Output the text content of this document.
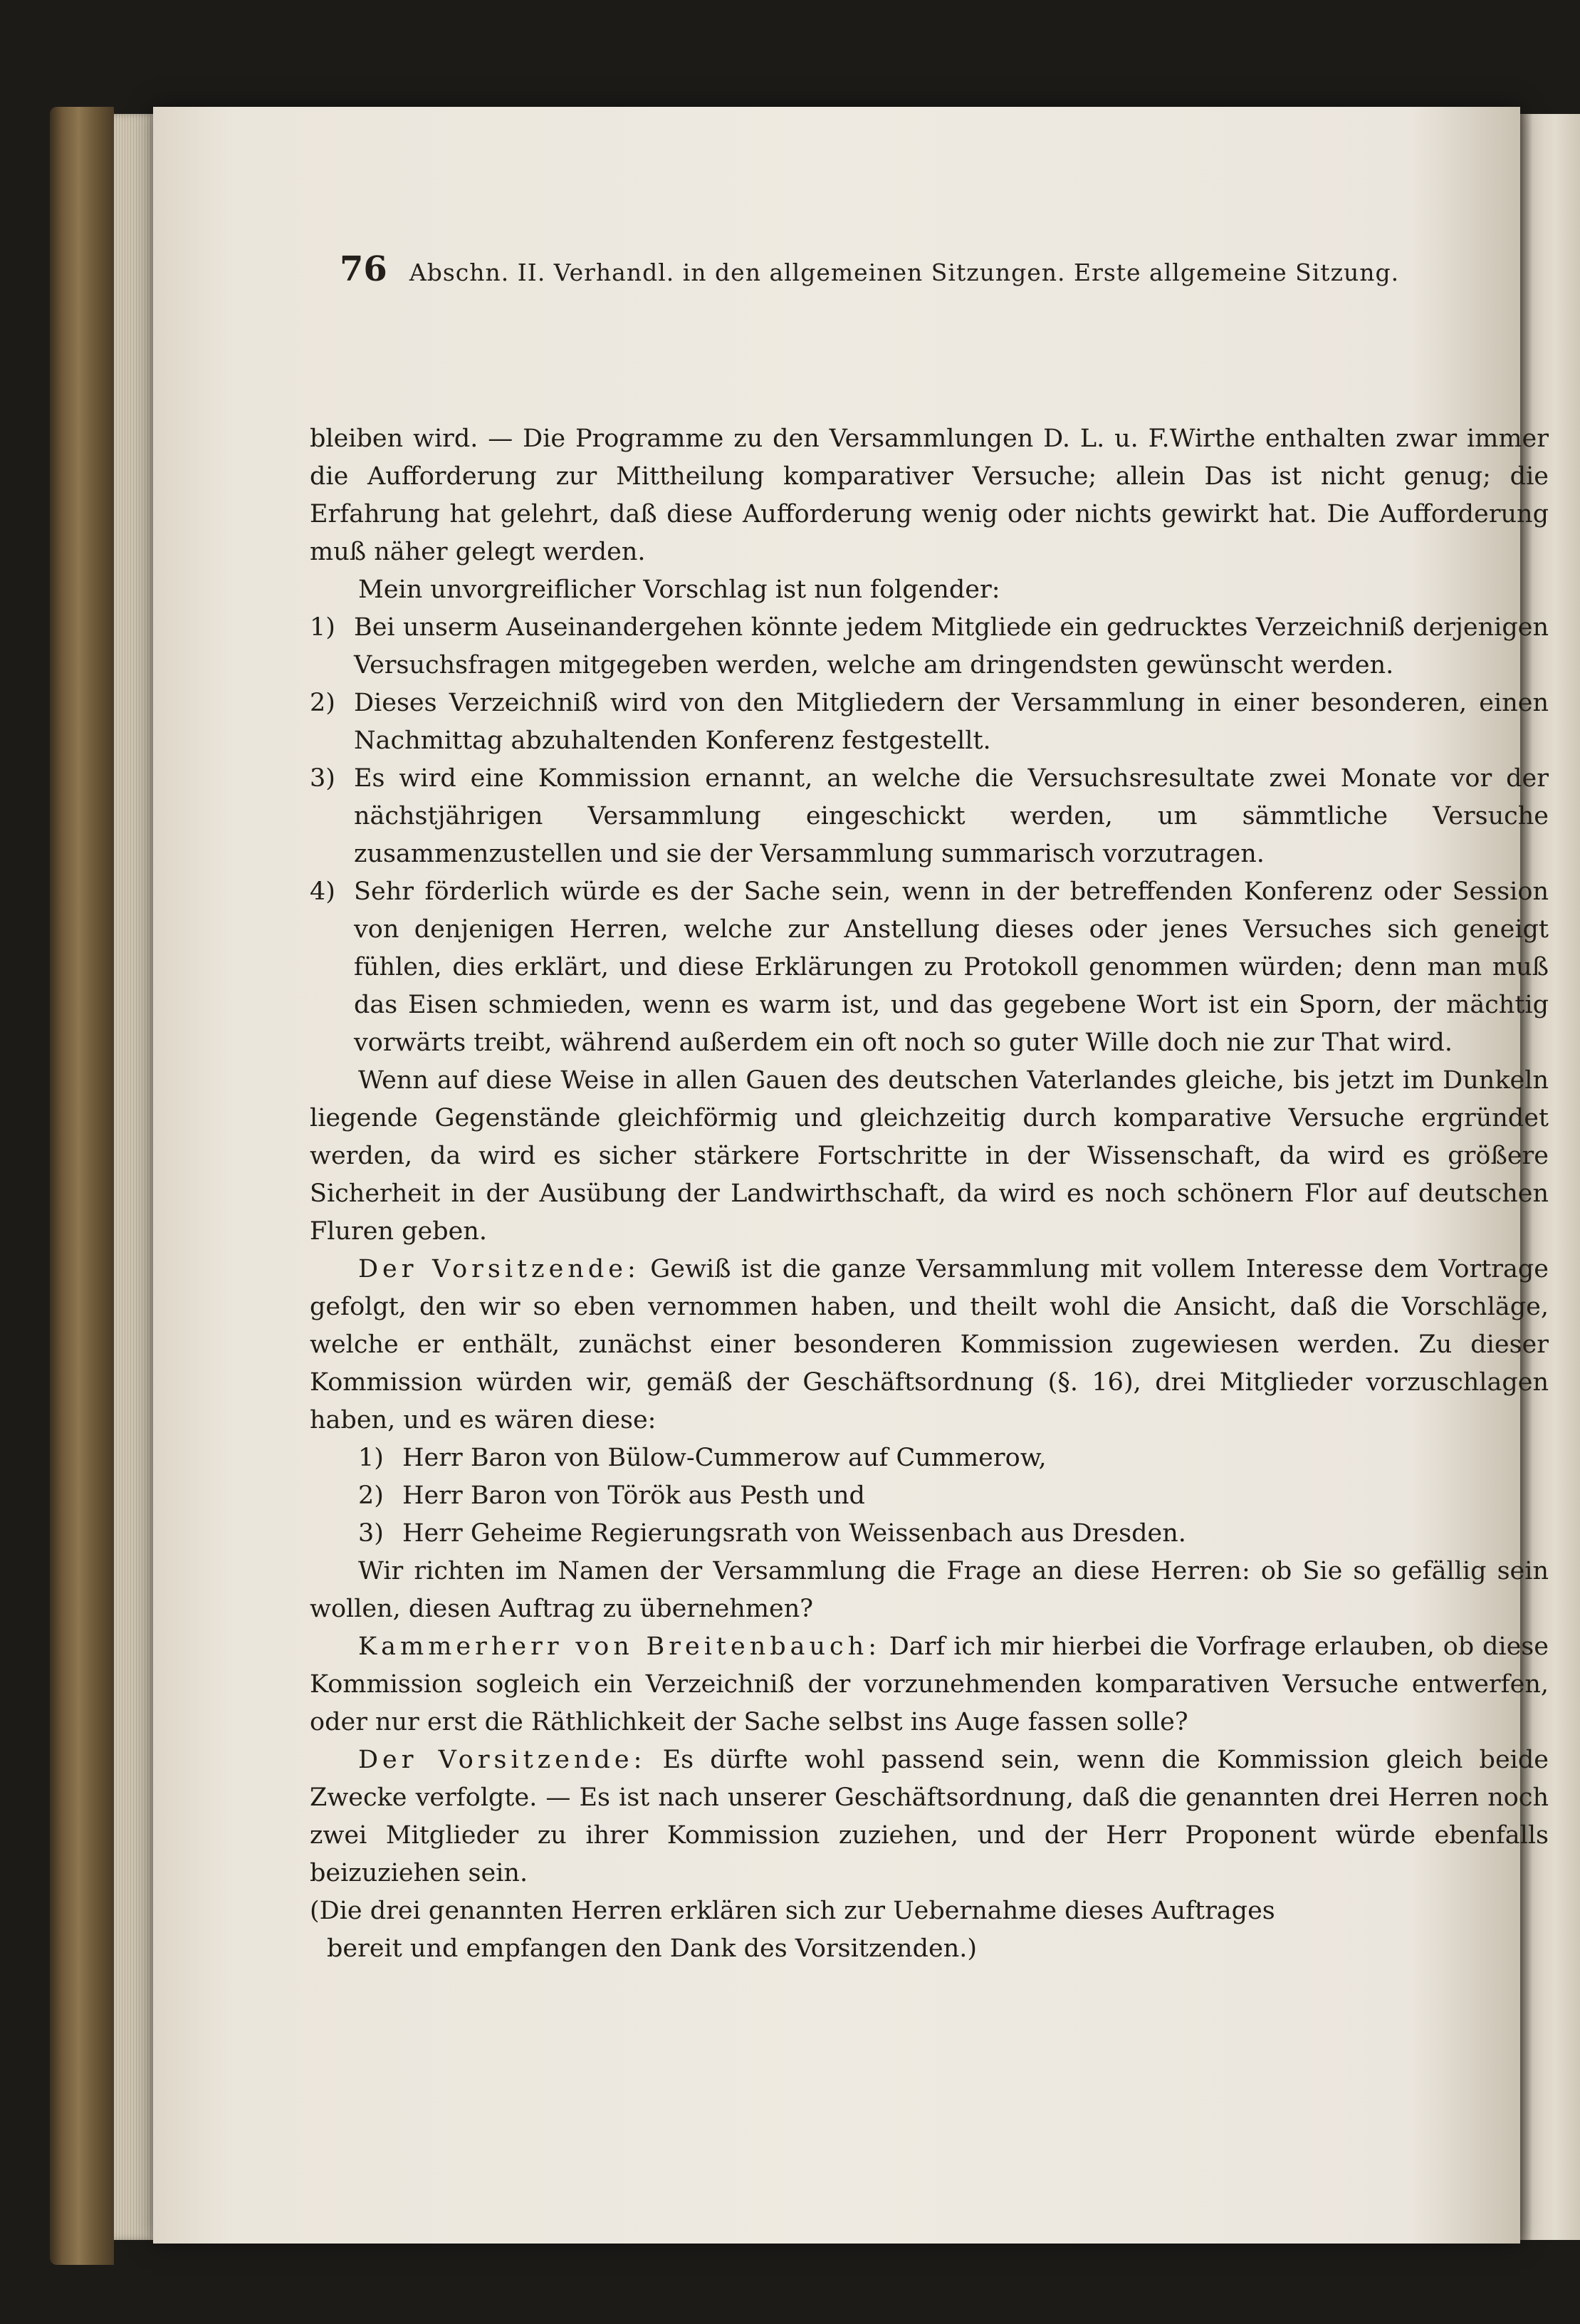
76 Abschn. II. Verhandl. in den allgemeinen Sitzungen. Erste allgemeine Sitzung.

bleiben wird. — Die Programme zu den Versammlungen D. L. u. F.Wirthe enthalten zwar immer die Aufforderung zur Mittheilung komparativer Versuche; allein Das ist nicht genug; die Erfahrung hat gelehrt, daß diese Aufforderung wenig oder nichts gewirkt hat. Die Aufforderung muß näher gelegt werden.

Mein unvorgreiflicher Vorschlag ist nun folgender:

1) Bei unserm Auseinandergehen könnte jedem Mitgliede ein gedrucktes Verzeichniß derjenigen Versuchsfragen mitgegeben werden, welche am dringendsten gewünscht werden.
2) Dieses Verzeichniß wird von den Mitgliedern der Versammlung in einer besonderen, einen Nachmittag abzuhaltenden Konferenz festgestellt.
3) Es wird eine Kommission ernannt, an welche die Versuchsresultate zwei Monate vor der nächstjährigen Versammlung eingeschickt werden, um sämmtliche Versuche zusammenzustellen und sie der Versammlung summarisch vorzutragen.
4) Sehr förderlich würde es der Sache sein, wenn in der betreffenden Konferenz oder Session von denjenigen Herren, welche zur Anstellung dieses oder jenes Versuches sich geneigt fühlen, dies erklärt, und diese Erklärungen zu Protokoll genommen würden; denn man muß das Eisen schmieden, wenn es warm ist, und das gegebene Wort ist ein Sporn, der mächtig vorwärts treibt, während außerdem ein oft noch so guter Wille doch nie zur That wird.

Wenn auf diese Weise in allen Gauen des deutschen Vaterlandes gleiche, bis jetzt im Dunkeln liegende Gegenstände gleichförmig und gleichzeitig durch komparative Versuche ergründet werden, da wird es sicher stärkere Fortschritte in der Wissenschaft, da wird es größere Sicherheit in der Ausübung der Landwirthschaft, da wird es noch schönern Flor auf deutschen Fluren geben.

Der Vorsitzende: Gewiß ist die ganze Versammlung mit vollem Interesse dem Vortrage gefolgt, den wir so eben vernommen haben, und theilt wohl die Ansicht, daß die Vorschläge, welche er enthält, zunächst einer besonderen Kommission zugewiesen werden. Zu dieser Kommission würden wir, gemäß der Geschäftsordnung (§. 16), drei Mitglieder vorzuschlagen haben, und es wären diese:

1) Herr Baron von Bülow-Cummerow auf Cummerow,
2) Herr Baron von Török aus Pesth und
3) Herr Geheime Regierungsrath von Weissenbach aus Dresden.

Wir richten im Namen der Versammlung die Frage an diese Herren: ob Sie so gefällig sein wollen, diesen Auftrag zu übernehmen?

Kammerherr von Breitenbauch: Darf ich mir hierbei die Vorfrage erlauben, ob diese Kommission sogleich ein Verzeichniß der vorzunehmenden komparativen Versuche entwerfen, oder nur erst die Räthlichkeit der Sache selbst ins Auge fassen solle?

Der Vorsitzende: Es dürfte wohl passend sein, wenn die Kommission gleich beide Zwecke verfolgte. — Es ist nach unserer Geschäftsordnung, daß die genannten drei Herren noch zwei Mitglieder zu ihrer Kommission zuziehen, und der Herr Proponent würde ebenfalls beizuziehen sein.

(Die drei genannten Herren erklären sich zur Uebernahme dieses Auftrages
bereit und empfangen den Dank des Vorsitzenden.)
